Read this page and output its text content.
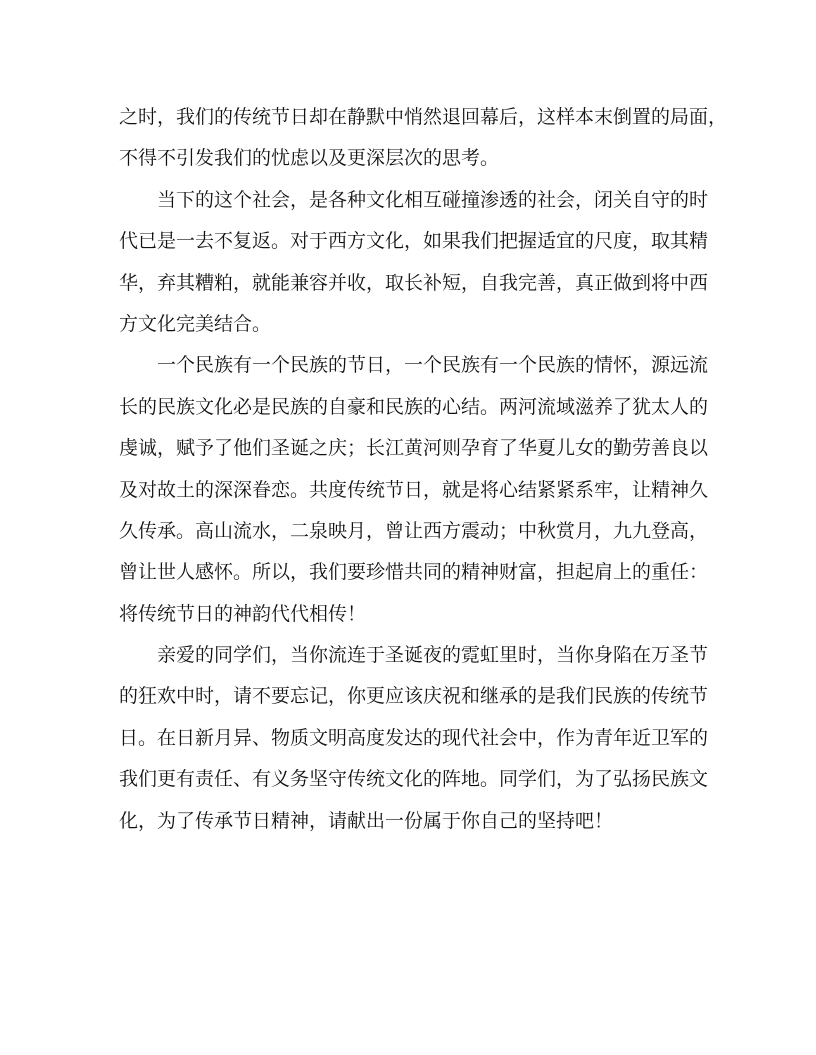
之时，我们的传统节日却在静默中悄然退回幕后，这样本末倒置的局面，
不得不引发我们的忧虑以及更深层次的思考。
当下的这个社会，是各种文化相互碰撞渗透的社会，闭关自守的时
代已是一去不复返。对于西方文化，如果我们把握适宜的尺度，取其精
华，弃其糟粕，就能兼容并收，取长补短，自我完善，真正做到将中西
方文化完美结合。
一个民族有一个民族的节日，一个民族有一个民族的情怀，源远流
长的民族文化必是民族的自豪和民族的心结。两河流域滋养了犹太人的
虔诚，赋予了他们圣诞之庆；长江黄河则孕育了华夏儿女的勤劳善良以
及对故土的深深眷恋。共度传统节日，就是将心结紧紧系牢，让精神久
久传承。高山流水，二泉映月，曾让西方震动；中秋赏月，九九登高，
曾让世人感怀。所以，我们要珍惜共同的精神财富，担起肩上的重任：
将传统节日的神韵代代相传！
亲爱的同学们，当你流连于圣诞夜的霓虹里时，当你身陷在万圣节
的狂欢中时，请不要忘记，你更应该庆祝和继承的是我们民族的传统节
日。在日新月异、物质文明高度发达的现代社会中，作为青年近卫军的
我们更有责任、有义务坚守传统文化的阵地。同学们，为了弘扬民族文
化，为了传承节日精神，请献出一份属于你自己的坚持吧！
